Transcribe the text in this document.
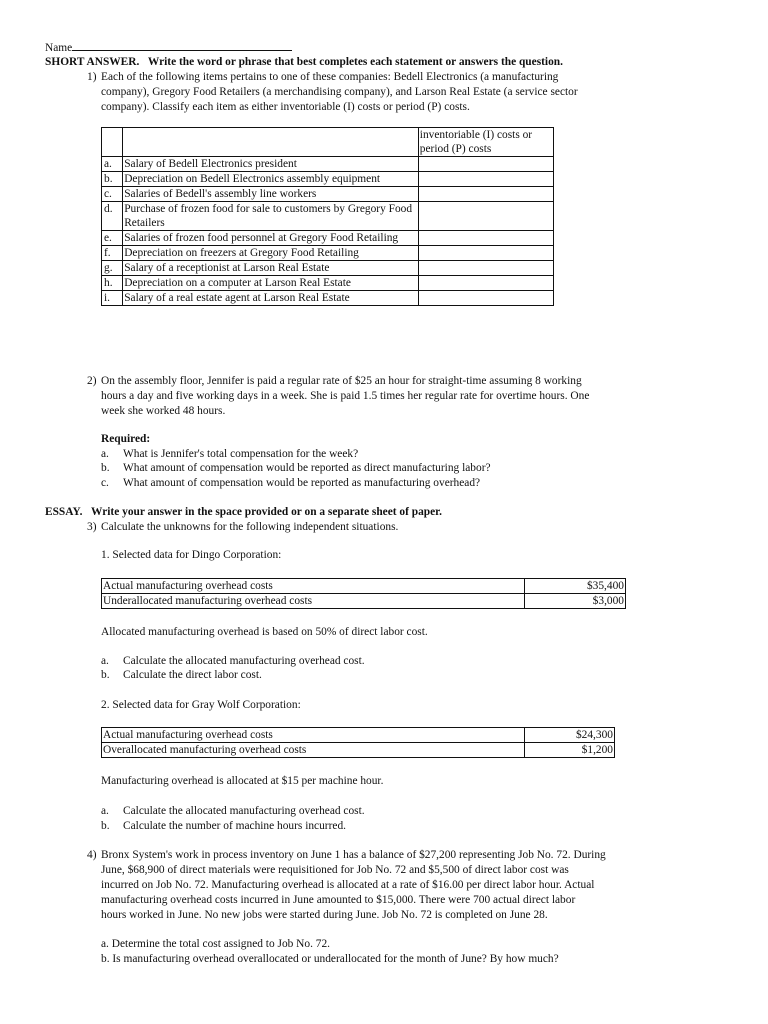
Name
SHORT ANSWER. Write the word or phrase that best completes each statement or answers the question.
1) Each of the following items pertains to one of these companies: Bedell Electronics (a manufacturing
company), Gregory Food Retailers (a merchandising company), and Larson Real Estate (a service sector
company). Classify each item as either inventoriable (I) costs or period (P) costs.
		inventoriable (I) costs or period (P) costs
a.	Salary of Bedell Electronics president	
b.	Depreciation on Bedell Electronics assembly equipment	
c.	Salaries of Bedell's assembly line workers	
d.	Purchase of frozen food for sale to customers by Gregory Food Retailers	
e.	Salaries of frozen food personnel at Gregory Food Retailing	
f.	Depreciation on freezers at Gregory Food Retailing	
g.	Salary of a receptionist at Larson Real Estate	
h.	Depreciation on a computer at Larson Real Estate	
i.	Salary of a real estate agent at Larson Real Estate	
2) On the assembly floor, Jennifer is paid a regular rate of $25 an hour for straight-time assuming 8 working
hours a day and five working days in a week. She is paid 1.5 times her regular rate for overtime hours. One
week she worked 48 hours.
Required:
a. What is Jennifer's total compensation for the week?
b. What amount of compensation would be reported as direct manufacturing labor?
c. What amount of compensation would be reported as manufacturing overhead?
ESSAY. Write your answer in the space provided or on a separate sheet of paper.
3) Calculate the unknowns for the following independent situations.
1. Selected data for Dingo Corporation:
Actual manufacturing overhead costs	$35,400
Underallocated manufacturing overhead costs	$3,000
Allocated manufacturing overhead is based on 50% of direct labor cost.
a. Calculate the allocated manufacturing overhead cost.
b. Calculate the direct labor cost.
2. Selected data for Gray Wolf Corporation:
Actual manufacturing overhead costs	$24,300
Overallocated manufacturing overhead costs	$1,200
Manufacturing overhead is allocated at $15 per machine hour.
a. Calculate the allocated manufacturing overhead cost.
b. Calculate the number of machine hours incurred.
4) Bronx System's work in process inventory on June 1 has a balance of $27,200 representing Job No. 72. During
June, $68,900 of direct materials were requisitioned for Job No. 72 and $5,500 of direct labor cost was
incurred on Job No. 72. Manufacturing overhead is allocated at a rate of $16.00 per direct labor hour. Actual
manufacturing overhead costs incurred in June amounted to $15,000. There were 700 actual direct labor
hours worked in June. No new jobs were started during June. Job No. 72 is completed on June 28.
a. Determine the total cost assigned to Job No. 72.
b. Is manufacturing overhead overallocated or underallocated for the month of June? By how much?
